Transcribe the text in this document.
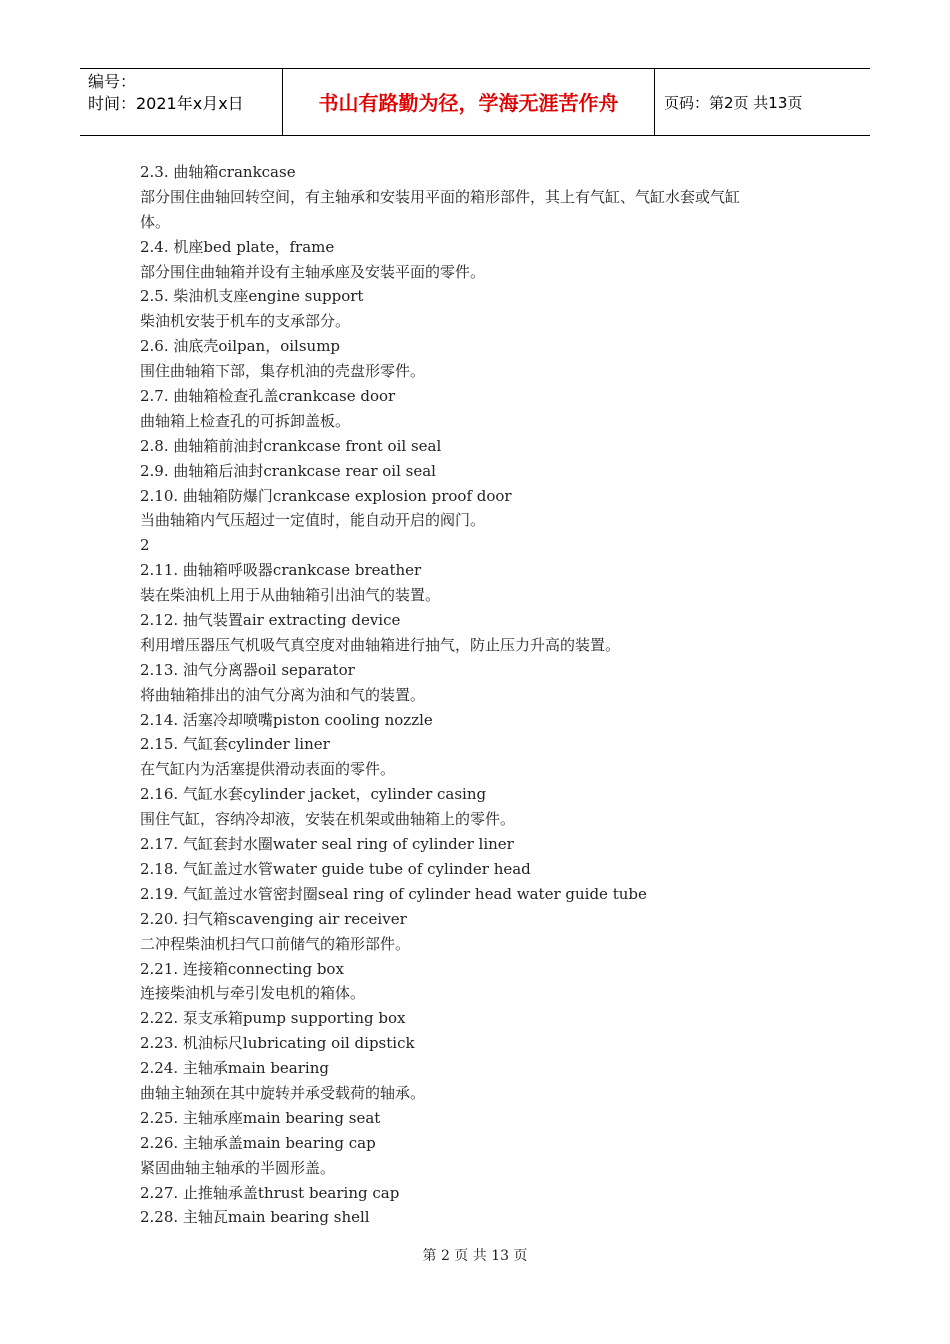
编号：
时间：2021年x月x日	书山有路勤为径，学海无涯苦作舟	页码：第2页 共13页
2.3. 曲轴箱crankcase
部分围住曲轴回转空间，有主轴承和安装用平面的箱形部件，其上有气缸、气缸水套或气缸
体。
2.4. 机座bed plate，frame
部分围住曲轴箱并设有主轴承座及安装平面的零件。
2.5. 柴油机支座engine support
柴油机安装于机车的支承部分。
2.6. 油底壳oilpan，oilsump
围住曲轴箱下部，集存机油的壳盘形零件。
2.7. 曲轴箱检查孔盖crankcase door
曲轴箱上检查孔的可拆卸盖板。
2.8. 曲轴箱前油封crankcase front oil seal
2.9. 曲轴箱后油封crankcase rear oil seal
2.10. 曲轴箱防爆门crankcase explosion proof door
当曲轴箱内气压超过一定值时，能自动开启的阀门。
2
2.11. 曲轴箱呼吸器crankcase breather
装在柴油机上用于从曲轴箱引出油气的装置。
2.12. 抽气装置air extracting device
利用增压器压气机吸气真空度对曲轴箱进行抽气，防止压力升高的装置。
2.13. 油气分离器oil separator
将曲轴箱排出的油气分离为油和气的装置。
2.14. 活塞冷却喷嘴piston cooling nozzle
2.15. 气缸套cylinder liner
在气缸内为活塞提供滑动表面的零件。
2.16. 气缸水套cylinder jacket，cylinder casing
围住气缸，容纳冷却液，安装在机架或曲轴箱上的零件。
2.17. 气缸套封水圈water seal ring of cylinder liner
2.18. 气缸盖过水管water guide tube of cylinder head
2.19. 气缸盖过水管密封圈seal ring of cylinder head water guide tube
2.20. 扫气箱scavenging air receiver
二冲程柴油机扫气口前储气的箱形部件。
2.21. 连接箱connecting box
连接柴油机与牵引发电机的箱体。
2.22. 泵支承箱pump supporting box
2.23. 机油标尺lubricating oil dipstick
2.24. 主轴承main bearing
曲轴主轴颈在其中旋转并承受载荷的轴承。
2.25. 主轴承座main bearing seat
2.26. 主轴承盖main bearing cap
紧固曲轴主轴承的半圆形盖。
2.27. 止推轴承盖thrust bearing cap
2.28. 主轴瓦main bearing shell
第 2 页 共 13 页
